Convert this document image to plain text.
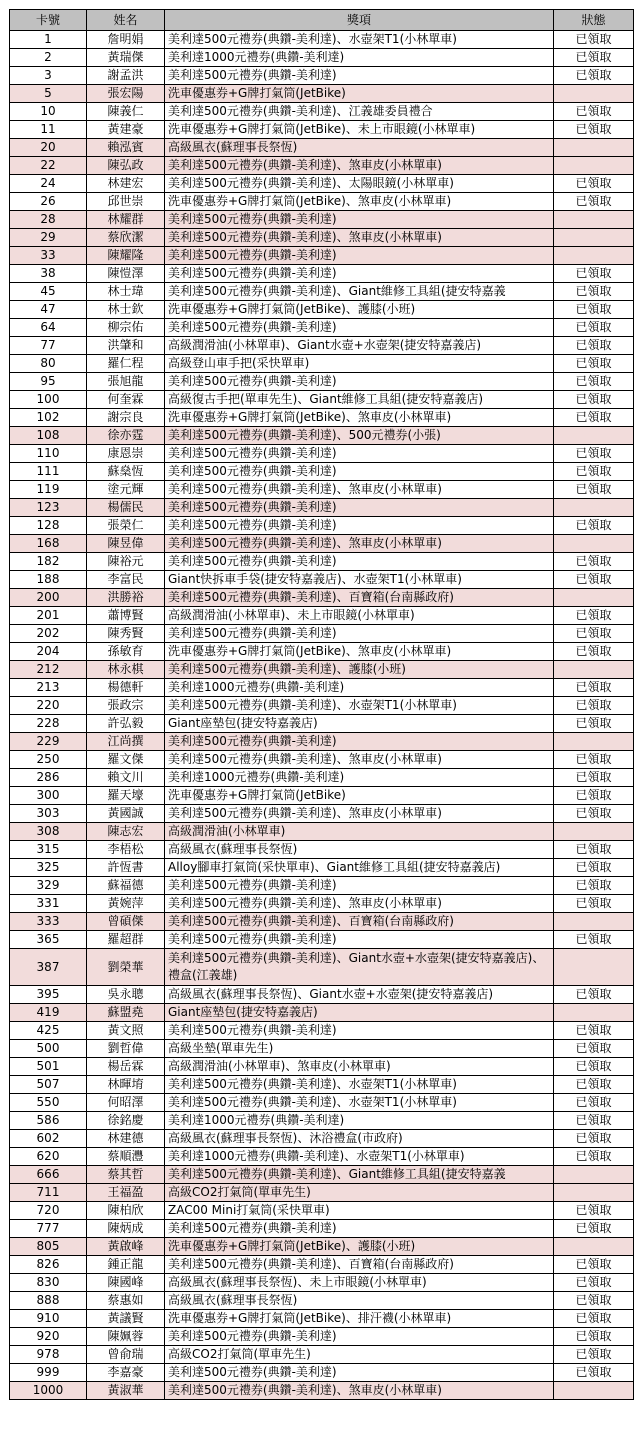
卡號	姓名	獎項	狀態
1	詹明娟	美利達500元禮券(典鑽-美利達)、水壺架T1(小林單車)	已領取
2	黃瑞傑	美利達1000元禮券(典鑽-美利達)	已領取
3	謝孟洪	美利達500元禮券(典鑽-美利達)	已領取
5	張宏陽	洗車優惠券+G牌打氣筒(JetBike)	
10	陳義仁	美利達500元禮券(典鑽-美利達)、江義雄委員禮合	已領取
11	黃建豪	洗車優惠券+G牌打氣筒(JetBike)、未上市眼鏡(小林單車)	已領取
20	賴泓賓	高級風衣(蘇理事長祭恆)	
22	陳弘政	美利達500元禮券(典鑽-美利達)、煞車皮(小林單車)	
24	林建宏	美利達500元禮券(典鑽-美利達)、太陽眼鏡(小林單車)	已領取
26	邱世崇	洗車優惠券+G牌打氣筒(JetBike)、煞車皮(小林單車)	已領取
28	林耀群	美利達500元禮券(典鑽-美利達)	
29	蔡欣潔	美利達500元禮券(典鑽-美利達)、煞車皮(小林單車)	
33	陳耀隆	美利達500元禮券(典鑽-美利達)	
38	陳愷澤	美利達500元禮券(典鑽-美利達)	已領取
45	林士瑋	美利達500元禮券(典鑽-美利達)、Giant維修工具組(捷安特嘉義	已領取
47	林士欽	洗車優惠券+G牌打氣筒(JetBike)、護膝(小班)	已領取
64	柳宗佑	美利達500元禮券(典鑽-美利達)	已領取
77	洪肇和	高級潤滑油(小林單車)、Giant水壺+水壺架(捷安特嘉義店)	已領取
80	羅仁程	高級登山車手把(采快單車)	已領取
95	張旭龍	美利達500元禮券(典鑽-美利達)	已領取
100	何奎霖	高級復古手把(單車先生)、Giant維修工具組(捷安特嘉義店)	已領取
102	謝宗良	洗車優惠券+G牌打氣筒(JetBike)、煞車皮(小林單車)	已領取
108	徐亦霆	美利達500元禮券(典鑽-美利達)、500元禮券(小張)	
110	康恩崇	美利達500元禮券(典鑽-美利達)	已領取
111	蘇燊恆	美利達500元禮券(典鑽-美利達)	已領取
119	塗元輝	美利達500元禮券(典鑽-美利達)、煞車皮(小林單車)	已領取
123	楊儒民	美利達500元禮券(典鑽-美利達)	
128	張榮仁	美利達500元禮券(典鑽-美利達)	已領取
168	陳昱偉	美利達500元禮券(典鑽-美利達)、煞車皮(小林單車)	
182	陳裕元	美利達500元禮券(典鑽-美利達)	已領取
188	李富民	Giant快拆車手袋(捷安特嘉義店)、水壺架T1(小林單車)	已領取
200	洪勝裕	美利達500元禮券(典鑽-美利達)、百寶箱(台南縣政府)	
201	蕭博賢	高級潤滑油(小林單車)、未上市眼鏡(小林單車)	已領取
202	陳秀賢	美利達500元禮券(典鑽-美利達)	已領取
204	孫敏育	洗車優惠券+G牌打氣筒(JetBike)、煞車皮(小林單車)	已領取
212	林永棋	美利達500元禮券(典鑽-美利達)、護膝(小班)	
213	楊德軒	美利達1000元禮券(典鑽-美利達)	已領取
220	張政宗	美利達500元禮券(典鑽-美利達)、水壺架T1(小林單車)	已領取
228	許弘毅	Giant座墊包(捷安特嘉義店)	已領取
229	江尚撰	美利達500元禮券(典鑽-美利達)	
250	羅文傑	美利達500元禮券(典鑽-美利達)、煞車皮(小林單車)	已領取
286	賴文川	美利達1000元禮券(典鑽-美利達)	已領取
300	羅天壕	洗車優惠券+G牌打氣筒(JetBike)	已領取
303	黃國誠	美利達500元禮券(典鑽-美利達)、煞車皮(小林單車)	已領取
308	陳志宏	高級潤滑油(小林單車)	
315	李梧松	高級風衣(蘇理事長祭恆)	已領取
325	許恆書	Alloy腳車打氣筒(采快單車)、Giant維修工具組(捷安特嘉義店)	已領取
329	蘇福德	美利達500元禮券(典鑽-美利達)	已領取
331	黃婉萍	美利達500元禮券(典鑽-美利達)、煞車皮(小林單車)	已領取
333	曾碩傑	美利達500元禮券(典鑽-美利達)、百寶箱(台南縣政府)	
365	羅超群	美利達500元禮券(典鑽-美利達)	已領取
387	劉榮華	美利達500元禮券(典鑽-美利達)、Giant水壺+水壺架(捷安特嘉義店)、禮盒(江義雄)	
395	吳永聰	高級風衣(蘇理事長祭恆)、Giant水壺+水壺架(捷安特嘉義店)	已領取
419	蘇盟堯	Giant座墊包(捷安特嘉義店)	
425	黃文照	美利達500元禮券(典鑽-美利達)	已領取
500	劉哲偉	高級坐墊(單車先生)	已領取
501	楊岳霖	高級潤滑油(小林單車)、煞車皮(小林單車)	已領取
507	林暉堉	美利達500元禮券(典鑽-美利達)、水壺架T1(小林單車)	已領取
550	何昭澤	美利達500元禮券(典鑽-美利達)、水壺架T1(小林單車)	已領取
586	徐銘慶	美利達1000元禮券(典鑽-美利達)	已領取
602	林建德	高級風衣(蘇理事長祭恆)、沐浴禮盒(市政府)	已領取
620	蔡順灃	美利達1000元禮券(典鑽-美利達)、水壺架T1(小林單車)	已領取
666	蔡其哲	美利達500元禮券(典鑽-美利達)、Giant維修工具組(捷安特嘉義	
711	王福盈	高級CO2打氣筒(單車先生)	
720	陳柏欣	ZAC00 Mini打氣筒(采快單車)	已領取
777	陳炳成	美利達500元禮券(典鑽-美利達)	已領取
805	黃啟峰	洗車優惠券+G牌打氣筒(JetBike)、護膝(小班)	
826	鍾正龍	美利達500元禮券(典鑽-美利達)、百寶箱(台南縣政府)	已領取
830	陳國峰	高級風衣(蘇理事長祭恆)、未上市眼鏡(小林單車)	已領取
888	蔡惠如	高級風衣(蘇理事長祭恆)	已領取
910	黃議賢	洗車優惠券+G牌打氣筒(JetBike)、排汗襪(小林單車)	已領取
920	陳姵蓉	美利達500元禮券(典鑽-美利達)	已領取
978	曾俞瑞	高級CO2打氣筒(單車先生)	已領取
999	李嘉豪	美利達500元禮券(典鑽-美利達)	已領取
1000	黃淑華	美利達500元禮券(典鑽-美利達)、煞車皮(小林單車)	
